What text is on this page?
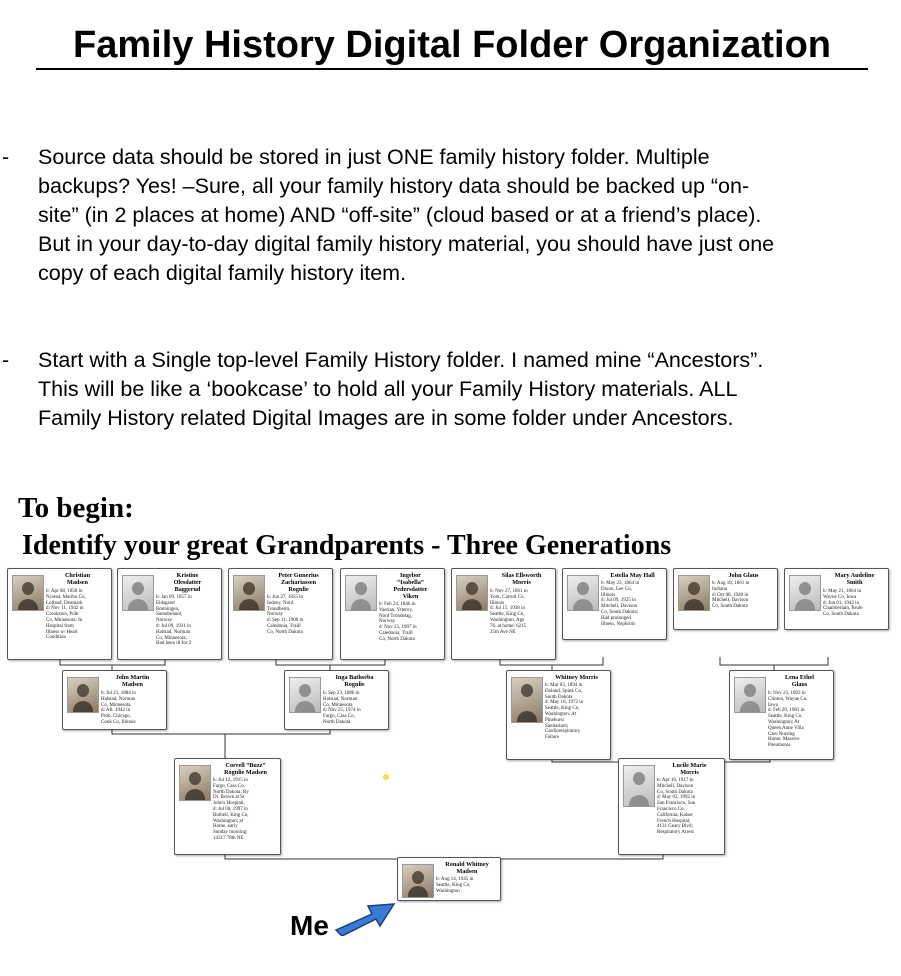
Family History Digital Folder Organization
- Source data should be stored in just ONE family history folder. Multiple
backups? Yes! –Sure, all your family history data should be backed up “on-
site” (in 2 places at home) AND “off-site” (cloud based or at a friend’s place).
But in your day-to-day digital family history material, you should have just one
copy of each digital family history item.
- Start with a Single top-level Family History folder. I named mine “Ancestors”.
This will be like a ‘bookcase’ to hold all your Family History materials. ALL
Family History related Digital Images are in some folder under Ancestors.
To begin:
Identify your great Grandparents - Three Generations
Christian
Madsen
b: Apr 08, 1858 in
Nysted, Maribo Co,
Lolland, Denmark
d: Nov 11, 1942 in
Crookston, Polk
Co, Minnesota: In
Hospital from
Illness w/ Heart
Condition
Kristine
Olesdatter
Baggerud
b: Jan 09, 1857 in
Eidsgaret
Ronningen,
Soendreland,
Norway
d: Jul 09, 1931 in
Halstad, Norman
Co, Minnesota;
Had been ill for 2
Peter Gunerius
Zachariassen
Rognlie
b: Jun 27, 1855 in
Indeoy, Nord
Trondheim,
Norway
d: Sep 11, 1900 in
Caledonia, Traill
Co, North Dakota
Ingebor
“Isabella”
Pedersdatter
Viken
b: Feb 24, 1846 in
Vaerian, Ytteroy,
Nord Trondelag,
Norway
d: Nov 23, 1907 in
Caledonia, Traill
Co, North Dakota
Silas Ellsworth
Morris
b: Nov 27, 1861 in
York, Carroll Co,
Illinois
d: Jul 15, 1938 in
Seattle, King Co,
Washington. Age
76. at home: 6215
25th Ave NE
Estella May Hall
b: May 23, 1864 in
Dixon, Lee Co,
Illinois
d: Jul 09, 1925 in
Mitchell, Davison
Co, South Dakota;
Had prolonged
Illness, Nephritis
John Glaus
b: Aug 18, 1861 in
Indiana
d: Oct 08, 1940 in
Mitchell, Davison
Co, South Dakota
Mary Audeline
Smith
b: May 21, 1864 in
Wayne Co, Iowa
d: Jun 01, 1942 in
Chamberlain, Brule
Co, South Dakota
John Martin
Madsen
b: Jul 21, 1884 in
Halstad, Norman
Co, Minnesota
d: Aft. 1942 in
Prob. Chicago,
Cook Co, Illinois
Inga Bathseba
Rognlie
b: Sep 23, 1886 in
Halstad, Norman
Co, Minnesota
d: Nov 25, 1974 in
Fargo, Cass Co,
North Dakota
Whitney Morris
b: Mar 03, 1894 in
Doland, Spink Co,
South Dakota
d: May 16, 1972 in
Seattle, King Co,
Washington; At
Pinehurst
Sanitarium;
Cardiorespiratory
Failure
Lena Ethel
Glaus
b: Nov 23, 1893 in
Clinton, Wayne Co,
Iowa
d: Feb 20, 1981 in
Seattle, King Co,
Washington; At
Queen Anne Villa
Care Nursing
Home; Massive
Pneumonia
Correll “Buzz”
Rognlie Madsen
b: Jul 12, 1915 in
Fargo, Cass Co,
North Dakota; By
Dr. Brown at St
John's Hospital,
d: Jul 06, 1997 in
Bothell, King Co,
Washington; at
Home, early
Sunday morning:
14317 78th NE
Lucile Marie
Morris
b: Apr 16, 1917 in
Mitchell, Davison
Co, South Dakota
d: May 02, 1992 in
San Francisco, San
Francisco Co,
California; Kaiser
French Hospital,
4131 Geary Blvd;
Respiratory Arrest
Ronald Whitney
Madsen
b: Aug 14, 1945 in
Seattle, King Co,
Washington
Me
